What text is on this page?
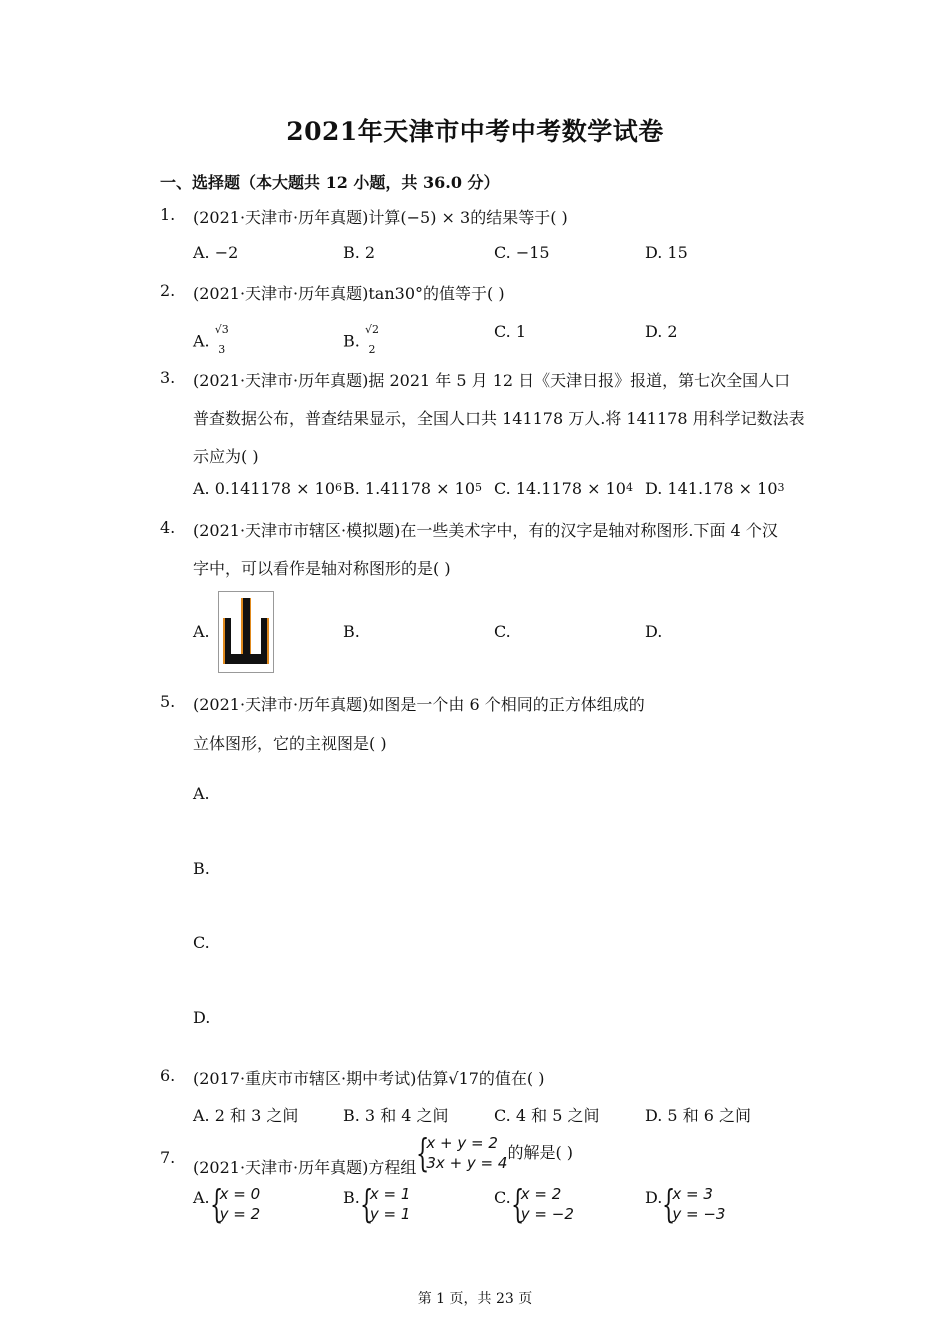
2021年天津市中考中考数学试卷
一、选择题（本大题共 12 小题，共 36.0 分）
1. (2021·天津市·历年真题)计算(−5) × 3的结果等于( )
A. −2	B. 2	C. −15	D. 15
2. (2021·天津市·历年真题)tan30°的值等于( )
A.
√3
3	B.
√2
2
C. 1	D. 2
3. (2021·天津市·历年真题)据 2021 年 5 月 12 日《天津日报》报道，第七次全国人口
普查数据公布，普查结果显示，全国人口共 141178 万人.将 141178 用科学记数法表
示应为( )
A. $0.141178 \times 10^6$ B. $1.41178 \times 10^5$ C. $14.1178 \times 10^4$ D. $141.178 \times 10^3$
4. (2021·天津市市辖区·模拟题)在一些美术字中，有的汉字是轴对称图形.下面 4 个汉
字中，可以看作是轴对称图形的是( )
A.	B.	C.	D.
5. (2021·天津市·历年真题)如图是一个由 6 个相同的正方体组成的
立体图形，它的主视图是( )
A.
B.
C.
D.
6. (2017·重庆市市辖区·期中考试)估算√17的值在( )
A. 2 和 3 之间	B. 3 和 4 之间	C. 4 和 5 之间	D. 5 和 6 之间
7. (2021·天津市·历年真题)方程组 {
x + y = 2
3x + y = 4
的解是( )
A. {
x = 0
y = 2
B. {
x = 1
y = 1
C. {
x = 2
y = −2
D. {
x = 3
y = −3
第 1 页，共 23 页
